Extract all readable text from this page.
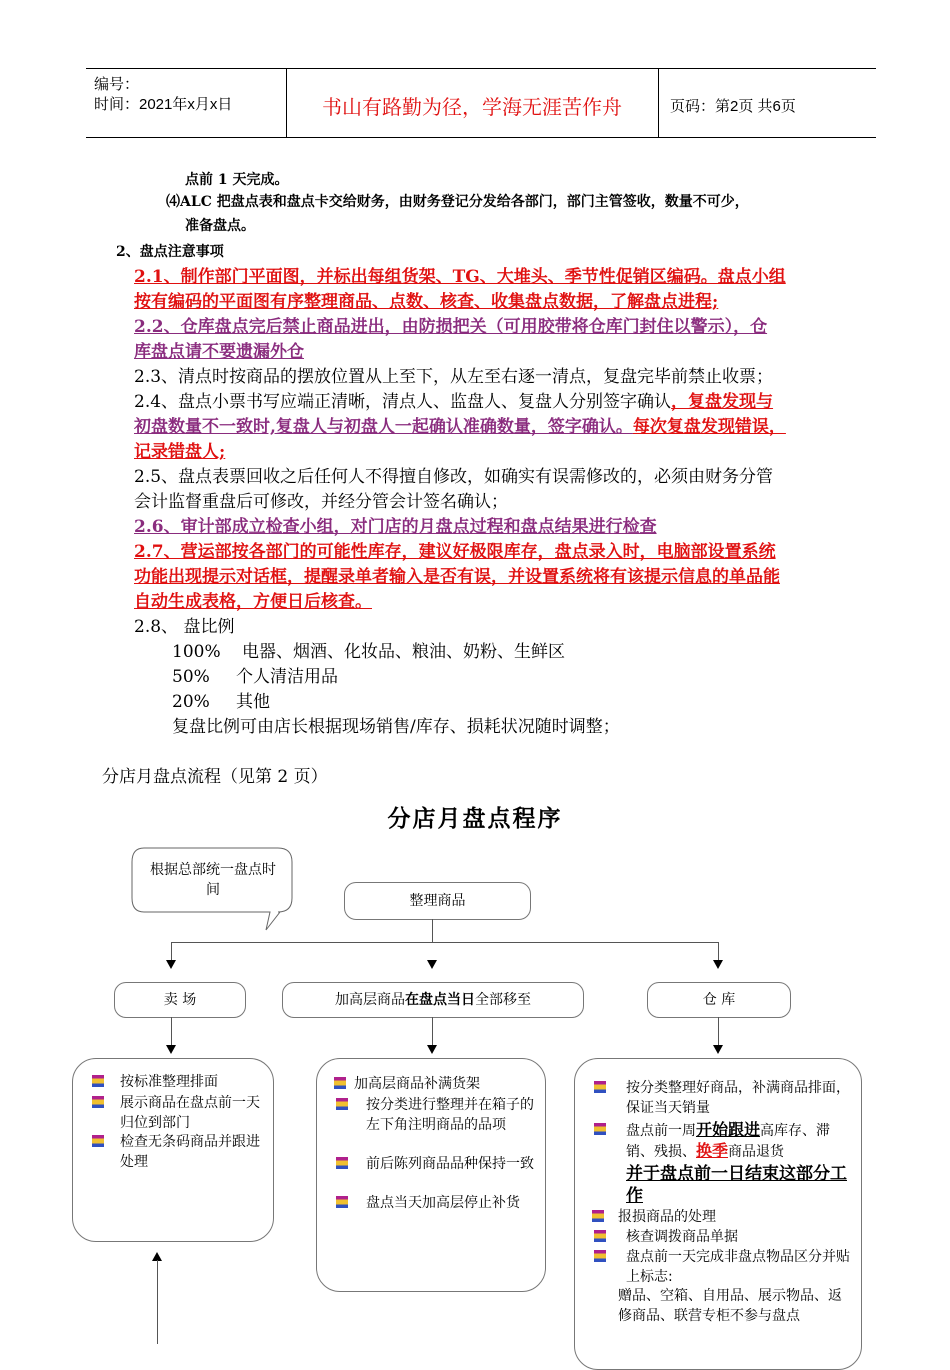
编号：
时间：2021年x月x日	书山有路勤为径，学海无涯苦作舟	页码：第2页 共6页
点前 1 天完成。
⑷ALC 把盘点表和盘点卡交给财务，由财务登记分发给各部门，部门主管签收，数量不可少，
准备盘点。
2、盘点注意事项
2.1、制作部门平面图，并标出每组货架、TG、大堆头、季节性促销区编码。盘点小组
按有编码的平面图有序整理商品、点数、核查、收集盘点数据，了解盘点进程;
2.2、仓库盘点完后禁止商品进出，由防损把关（可用胶带将仓库门封住以警示），仓
库盘点请不要遗漏外仓
2.3、清点时按商品的摆放位置从上至下，从左至右逐一清点，复盘完毕前禁止收票；
2.4、盘点小票书写应端正清晰，清点人、监盘人、复盘人分别签字确认，复盘发现与
初盘数量不一致时,复盘人与初盘人一起确认准确数量，签字确认。每次复盘发现错误，
记录错盘人;
2.5、盘点表票回收之后任何人不得擅自修改，如确实有误需修改的，必须由财务分管
会计监督重盘后可修改，并经分管会计签名确认；
2.6、审计部成立检查小组，对门店的月盘点过程和盘点结果进行检查
2.7、营运部按各部门的可能性库存，建议好极限库存，盘点录入时，电脑部设置系统
功能出现提示对话框，提醒录单者输入是否有误，并设置系统将有该提示信息的单品能
自动生成表格，方便日后核查。
2.8、 盘比例
100% 电器、烟酒、化妆品、粮油、奶粉、生鲜区
50% 个人清洁用品
20% 其他
复盘比例可由店长根据现场销售/库存、损耗状况随时调整；
分店月盘点流程（见第 2 页）
分店月盘点程序
根据总部统一盘点时间
整理商品
卖 场	加高层商品在盘点当日全部移至	仓 库
按标准整理排面
展示商品在盘点前一天归位到部门
检查无条码商品并跟进处理
加高层商品补满货架
按分类进行整理并在箱子的左下角注明商品的品项
前后陈列商品品种保持一致
盘点当天加高层停止补货
按分类整理好商品，补满商品排面，保证当天销量
盘点前一周开始跟进高库存、滞销、残损、换季商品退货
并于盘点前一日结束这部分工作
报损商品的处理
核查调拨商品单据
盘点前一天完成非盘点物品区分并贴上标志:
赠品、空箱、自用品、展示物品、返修商品、联营专柜不参与盘点
